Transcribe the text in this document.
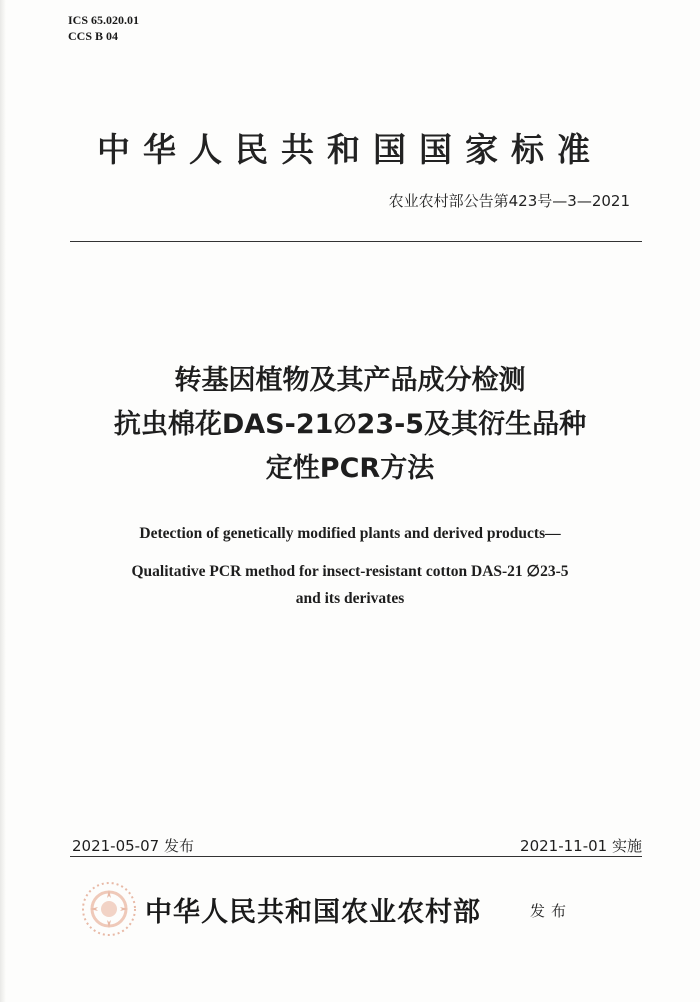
ICS 65.020.01
CCS B 04
中华人民共和国国家标准
农业农村部公告第423号—3—2021
转基因植物及其产品成分检测
抗虫棉花DAS-21∅23-5及其衍生品种
定性PCR方法
Detection of genetically modified plants and derived products—
Qualitative PCR method for insect-resistant cotton DAS-21 ∅23-5
and its derivates
2021-05-07 发布	2021-11-01 实施
中华人民共和国农业农村部	发布
